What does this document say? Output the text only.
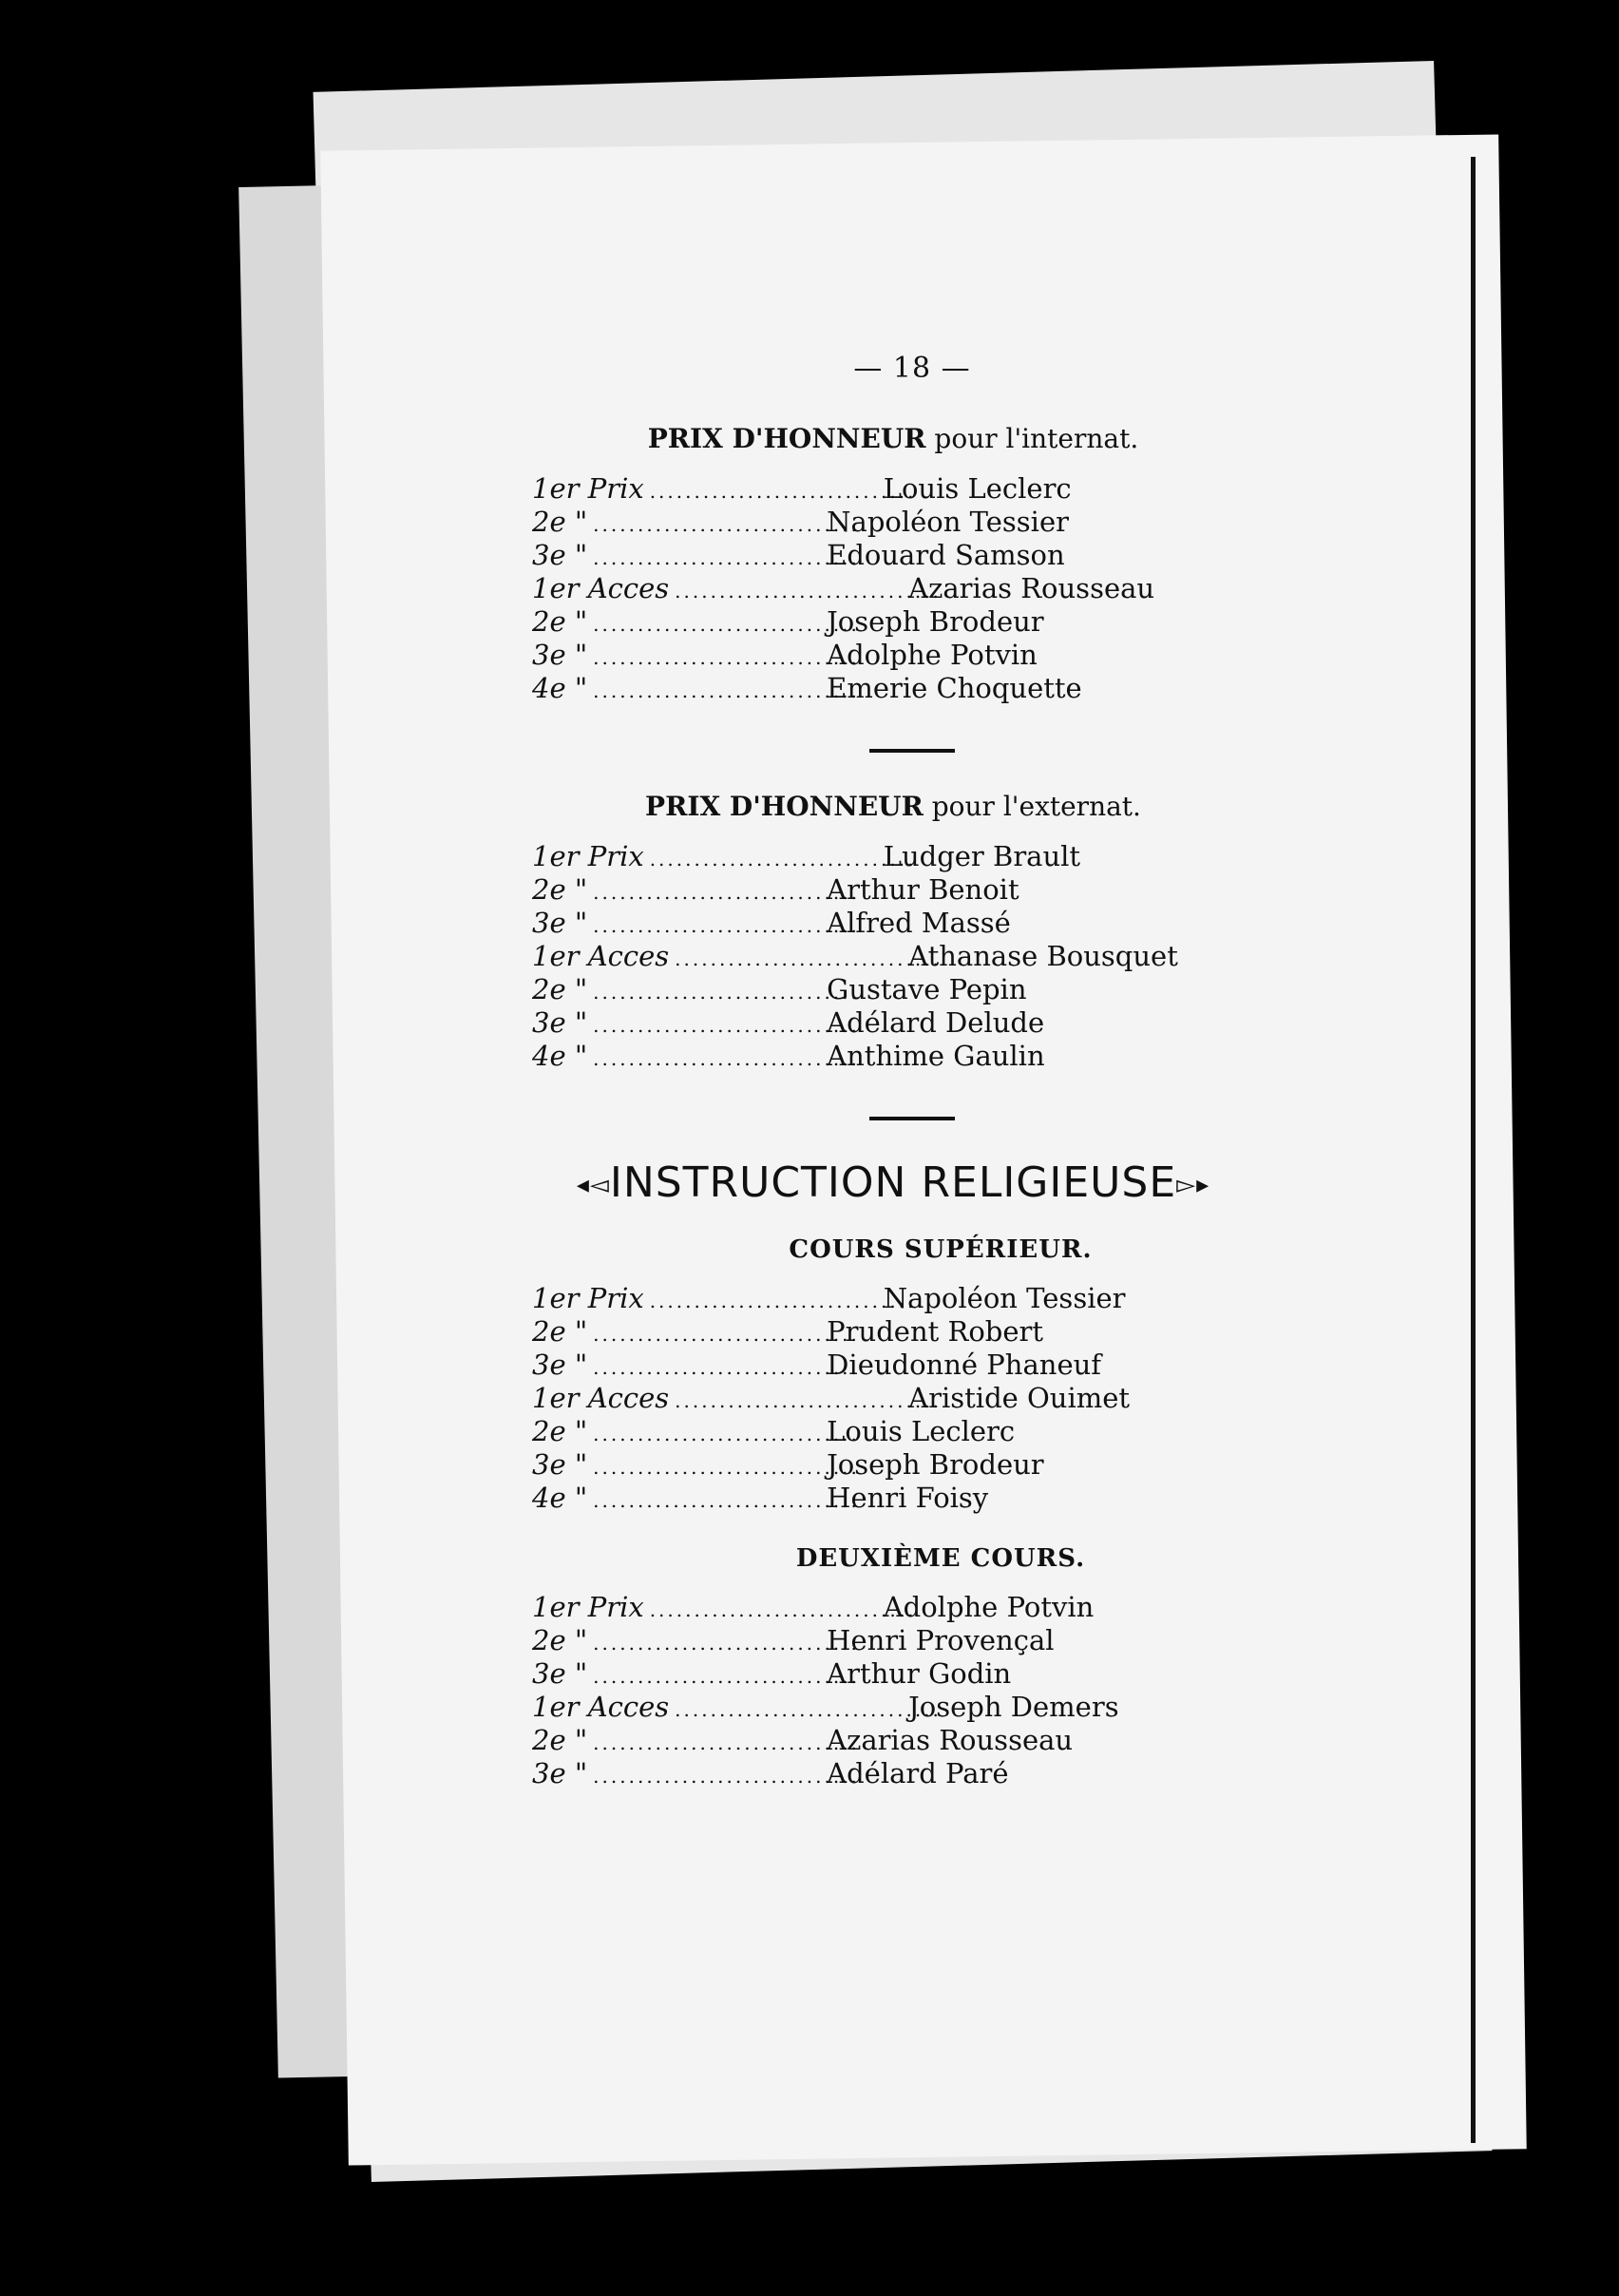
— 18 —
PRIX D'HONNEUR pour l'internat.
1er Prix ..............................
Louis Leclerc
2e " ..............................
Napoléon Tessier
3e " ..............................
Edouard Samson
1er Acces ..............................
Azarias Rousseau
2e " ..............................
Joseph Brodeur
3e " ..............................
Adolphe Potvin
4e " ..............................
Emerie Choquette
PRIX D'HONNEUR pour l'externat.
1er Prix ..............................
Ludger Brault
2e " ..............................
Arthur Benoit
3e " ..............................
Alfred Massé
1er Acces ..............................
Athanase Bousquet
2e " ..............................
Gustave Pepin
3e " ..............................
Adélard Delude
4e " ..............................
Anthime Gaulin
◂◅INSTRUCTION RELIGIEUSE▻▸
COURS SUPÉRIEUR.
1er Prix ..............................
Napoléon Tessier
2e " ..............................
Prudent Robert
3e " ..............................
Dieudonné Phaneuf
1er Acces ..............................
Aristide Ouimet
2e " ..............................
Louis Leclerc
3e " ..............................
Joseph Brodeur
4e " ..............................
Henri Foisy
DEUXIÈME COURS.
1er Prix ..............................
Adolphe Potvin
2e " ..............................
Henri Provençal
3e " ..............................
Arthur Godin
1er Acces ..............................
Joseph Demers
2e " ..............................
Azarias Rousseau
3e " ..............................
Adélard Paré
